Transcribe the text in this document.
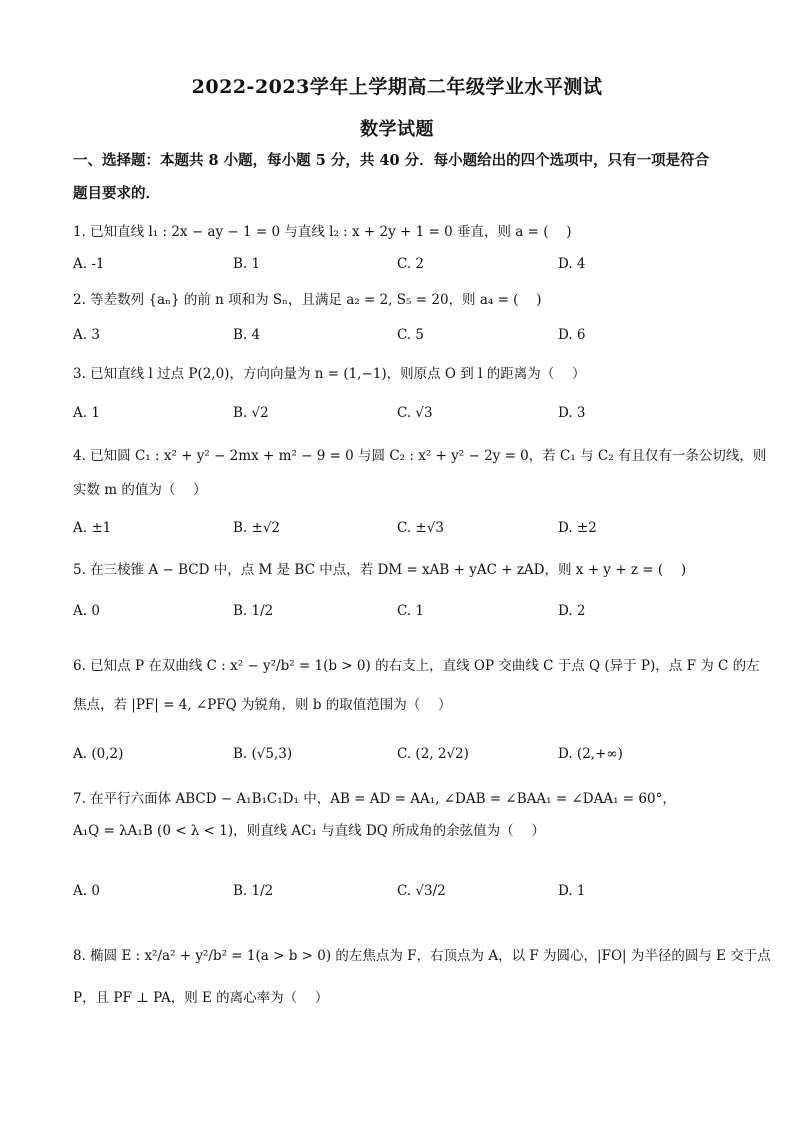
2022-2023学年上学期高二年级学业水平测试
数学试题
一、选择题：本题共 8 小题，每小题 5 分，共 40 分．每小题给出的四个选项中，只有一项是符合题目要求的．
1. 已知直线 l₁ : 2x − ay − 1 = 0 与直线 l₂ : x + 2y + 1 = 0 垂直，则 a = (　 )
A. -1	B. 1	C. 2	D. 4
2. 等差数列 {aₙ} 的前 n 项和为 Sₙ，且满足 a₂ = 2, S₅ = 20，则 a₄ = (　 )
A. 3	B. 4	C. 5	D. 6
3. 已知直线 l 过点 P(2,0)，方向向量为 n = (1,−1)，则原点 O 到 l 的距离为（　 ）
A. 1	B. √2	C. √3	D. 3
4. 已知圆 C₁ : x² + y² − 2mx + m² − 9 = 0 与圆 C₂ : x² + y² − 2y = 0，若 C₁ 与 C₂ 有且仅有一条公切线，则
实数 m 的值为（　 ）
A. ±1	B. ±√2	C. ±√3	D. ±2
5. 在三棱锥 A − BCD 中，点 M 是 BC 中点，若 DM = xAB + yAC + zAD，则 x + y + z = (　 )
A. 0	B. 1/2	C. 1	D. 2
6. 已知点 P 在双曲线 C : x² − y²/b² = 1(b > 0) 的右支上，直线 OP 交曲线 C 于点 Q (异于 P)，点 F 为 C 的左
焦点，若 |PF| = 4, ∠PFQ 为锐角，则 b 的取值范围为（　 ）
A. (0,2)	B. (√5,3)	C. (2, 2√2)	D. (2,+∞)
7. 在平行六面体 ABCD − A₁B₁C₁D₁ 中，AB = AD = AA₁, ∠DAB = ∠BAA₁ = ∠DAA₁ = 60°，
A₁Q = λA₁B (0 < λ < 1)，则直线 AC₁ 与直线 DQ 所成角的余弦值为（　 ）
A. 0	B. 1/2	C. √3/2	D. 1
8. 椭圆 E : x²/a² + y²/b² = 1(a > b > 0) 的左焦点为 F，右顶点为 A，以 F 为圆心，|FO| 为半径的圆与 E 交于点
P，且 PF ⊥ PA，则 E 的离心率为（　 ）
